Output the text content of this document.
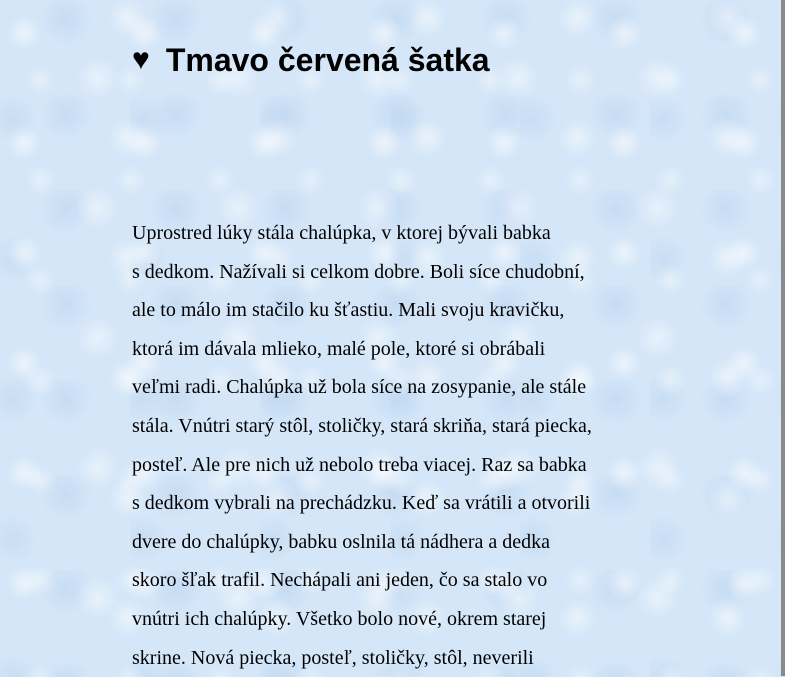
♥ Tmavo červená šatka
Uprostred lúky stála chalúpka, v ktorej bývali babka
s dedkom. Nažívali si celkom dobre. Boli síce chudobní,
ale to málo im stačilo ku šťastiu. Mali svoju kravičku,
ktorá im dávala mlieko, malé pole, ktoré si obrábali
veľmi radi. Chalúpka už bola síce na zosypanie, ale stále
stála. Vnútri starý stôl, stoličky, stará skriňa, stará piecka,
posteľ. Ale pre nich už nebolo treba viacej. Raz sa babka
s dedkom vybrali na prechádzku. Keď sa vrátili a otvorili
dvere do chalúpky, babku oslnila tá nádhera a dedka
skoro šľak trafil. Nechápali ani jeden, čo sa stalo vo
vnútri ich chalúpky. Všetko bolo nové, okrem starej
skrine. Nová piecka, posteľ, stoličky, stôl, neverili
